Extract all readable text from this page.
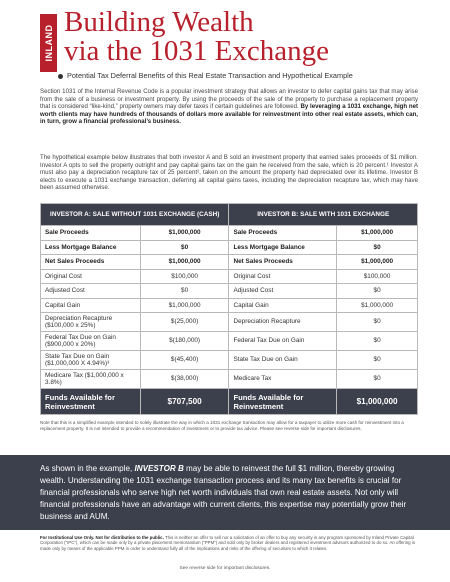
INLAND
Building Wealth
via the 1031 Exchange
Potential Tax Deferral Benefits of this Real Estate Transaction and Hypothetical Example

Section 1031 of the Internal Revenue Code is a popular investment strategy that allows an investor to defer capital gains tax that may arise from the sale of a business or investment property. By using the proceeds of the sale of the property to purchase a replacement property that is considered “like-kind,” property owners may defer taxes if certain guidelines are followed. By leveraging a 1031 exchange, high net worth clients may have hundreds of thousands of dollars more available for reinvestment into other real estate assets, which can, in turn, grow a financial professional’s business.

The hypothetical example below illustrates that both investor A and B sold an investment property that earned sales proceeds of $1 million. Investor A opts to sell the property outright and pay capital gains tax on the gain he received from the sale, which is 20 percent.¹ Investor A must also pay a depreciation recapture tax of 25 percent², taken on the amount the property had depreciated over its lifetime. Investor B elects to execute a 1031 exchange transaction, deferring all capital gains taxes, including the depreciation recapture tax, which may have been assumed otherwise.

INVESTOR A: SALE WITHOUT 1031 EXCHANGE (CASH)		INVESTOR B: SALE WITH 1031 EXCHANGE	
Sale Proceeds	$1,000,000	Sale Proceeds	$1,000,000
Less Mortgage Balance	$0	Less Mortgage Balance	$0
Net Sales Proceeds	$1,000,000	Net Sales Proceeds	$1,000,000
Original Cost	$100,000	Original Cost	$100,000
Adjusted Cost	$0	Adjusted Cost	$0
Capital Gain	$1,000,000	Capital Gain	$1,000,000
Depreciation Recapture ($100,000 x 25%)	$(25,000)	Depreciation Recapture	$0
Federal Tax Due on Gain ($900,000 x 20%)	$(180,000)	Federal Tax Due on Gain	$0
State Tax Due on Gain ($1,000,000 X 4.94%)³	$(45,400)	State Tax Due on Gain	$0
Medicare Tax ($1,000,000 x 3.8%)	$(38,000)	Medicare Tax	$0
Funds Available for Reinvestment	$707,500	Funds Available for Reinvestment	$1,000,000

Note that this is a simplified example intended to solely illustrate the way in which a 1031 exchange transaction may allow for a taxpayer to utilize more cash for reinvestment into a replacement property. It is not intended to provide a recommendation of investment or to provide tax advice. Please see reverse side for important disclosures.

As shown in the example, INVESTOR B may be able to reinvest the full $1 million, thereby growing wealth. Understanding the 1031 exchange transaction process and its many tax benefits is crucial for financial professionals who serve high net worth individuals that own real estate assets. Not only will financial professionals have an advantage with current clients, this expertise may potentially grow their business and AUM.

For Institutional Use Only. Not for distribution to the public. This is neither an offer to sell nor a solicitation of an offer to buy any security in any program sponsored by Inland Private Capital Corporation (“IPC”), which can be made only by a private placement memorandum (“PPM”) and sold only by broker dealers and registered investment advisors authorized to do so. An offering is made only by means of the applicable PPM in order to understand fully all of the implications and risks of the offering of securities to which it relates.

See reverse side for important disclosures.
